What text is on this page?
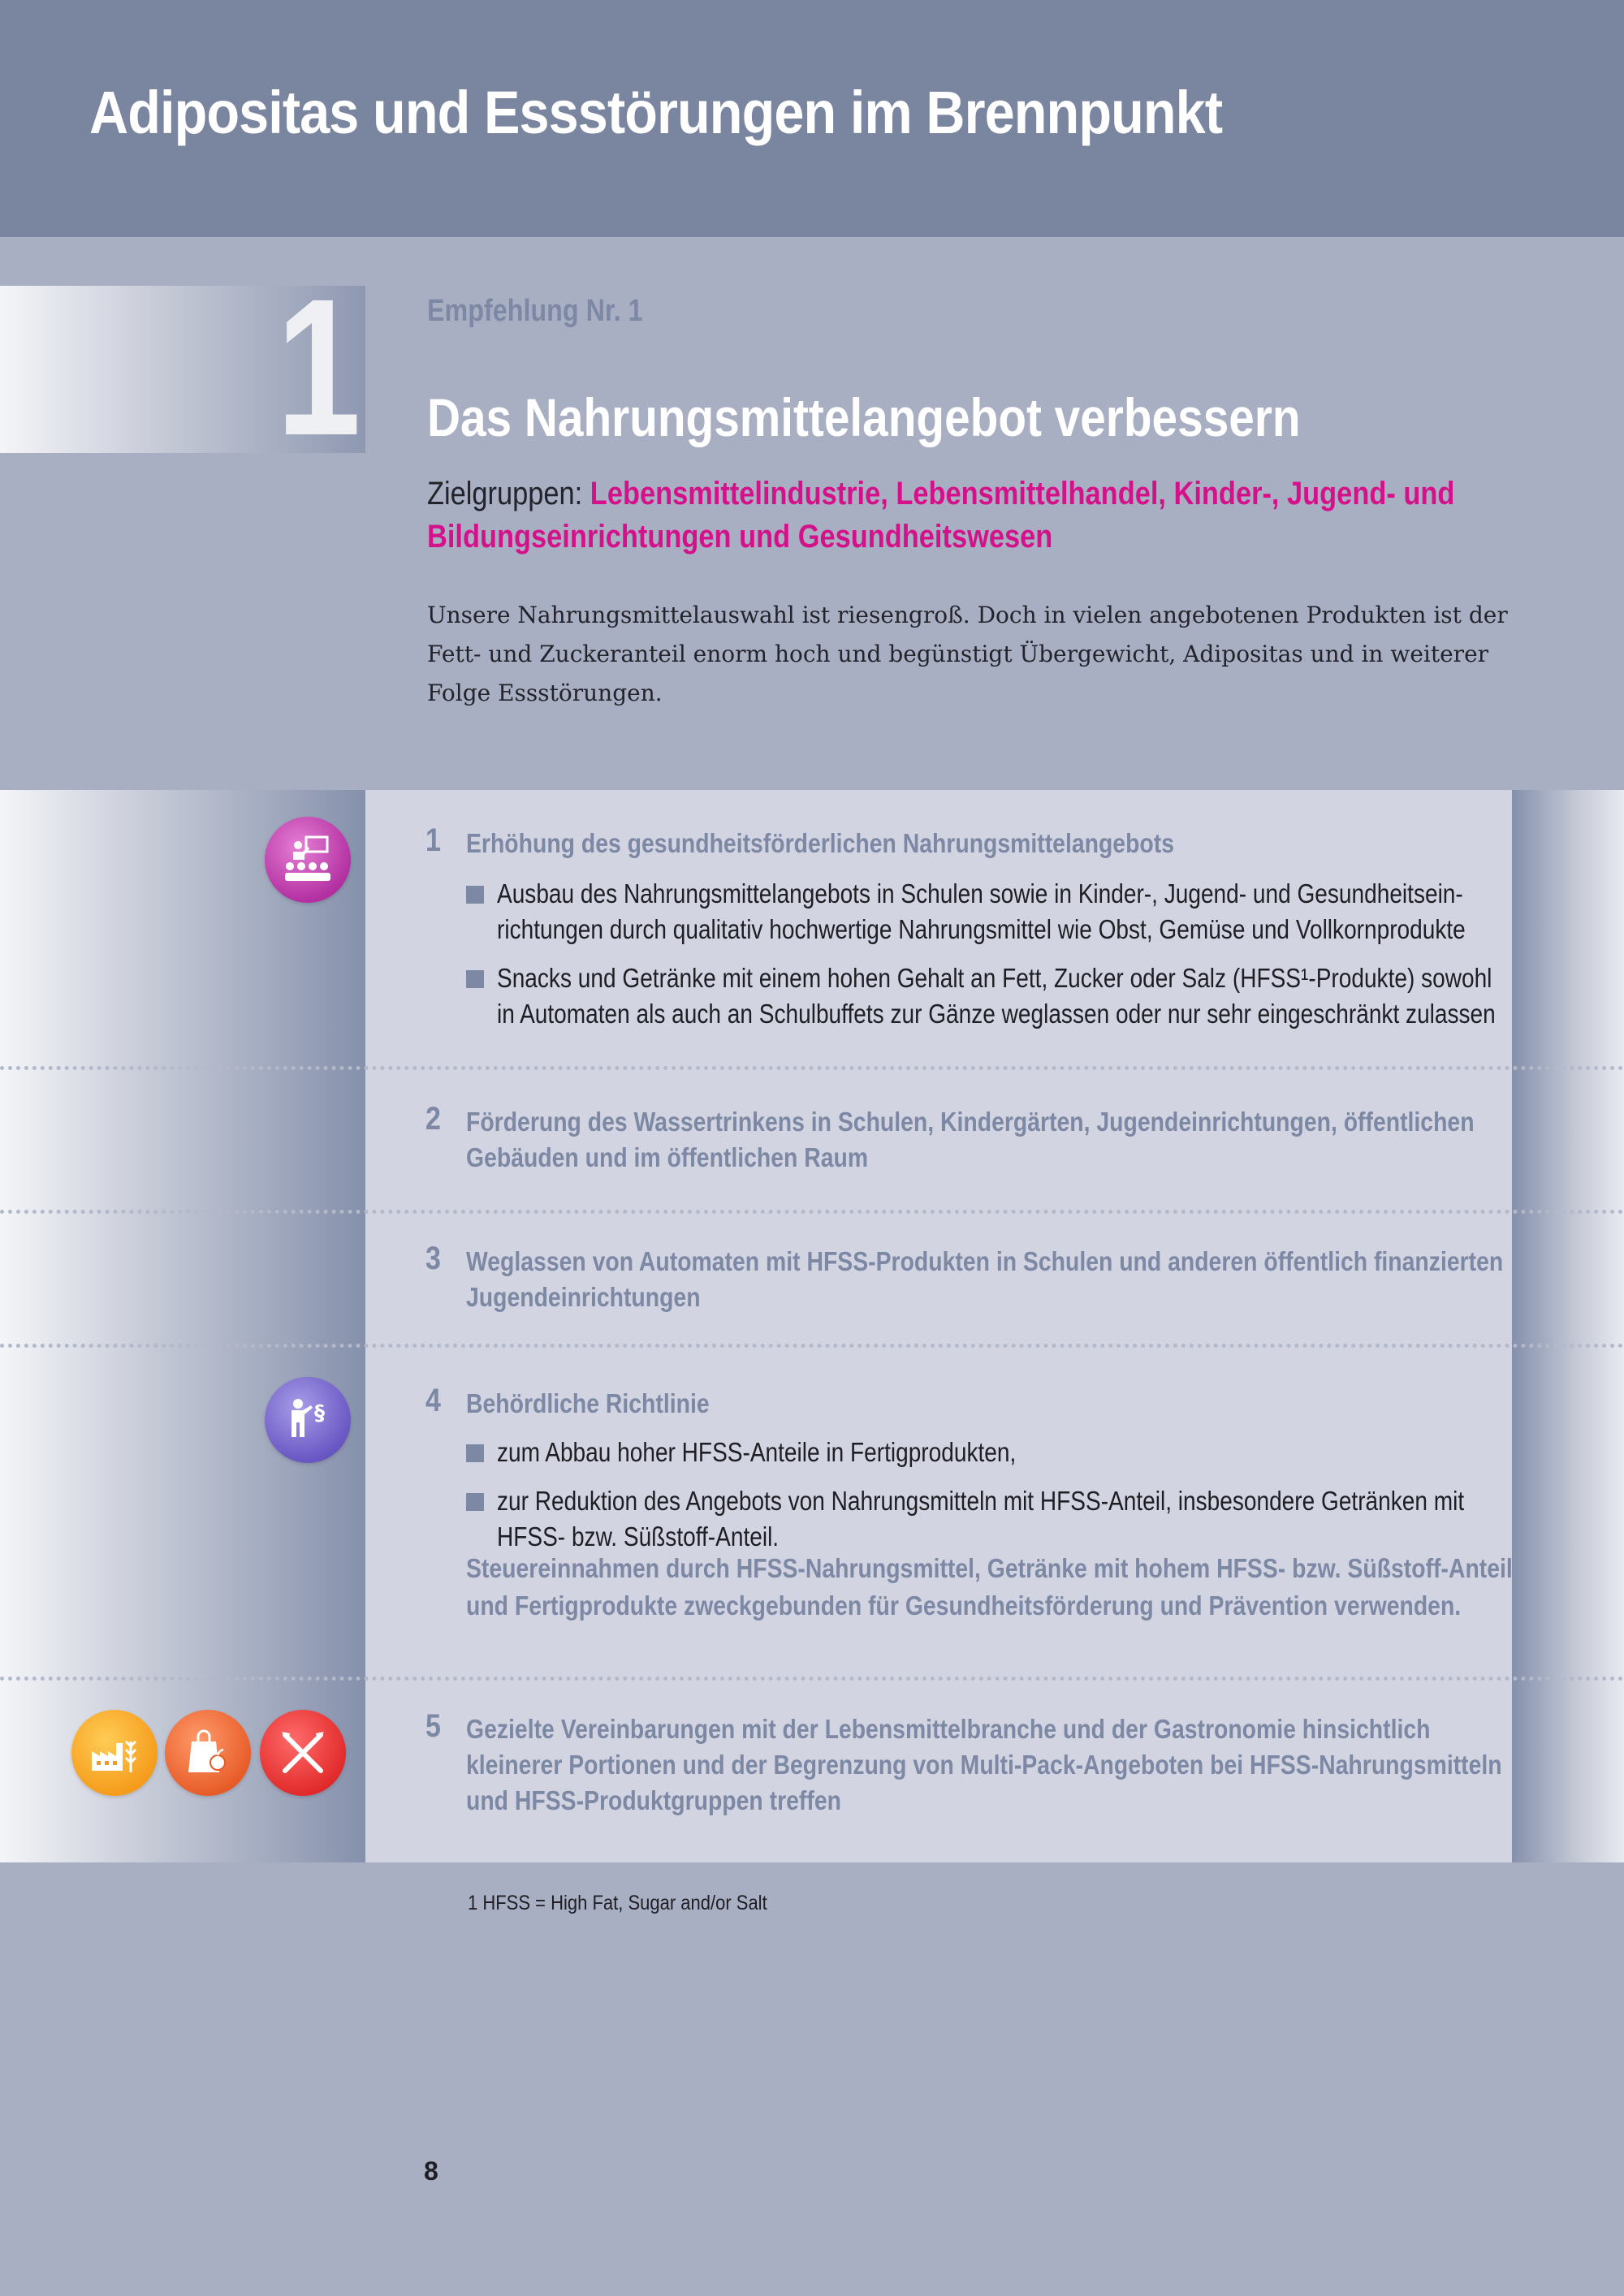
Adipositas und Essstörungen im Brennpunkt
1 Empfehlung Nr. 1
Das Nahrungsmittelangebot verbessern
Zielgruppen: Lebensmittelindustrie, Lebensmittelhandel, Kinder-, Jugend- und Bildungseinrichtungen und Gesundheitswesen
Unsere Nahrungsmittelauswahl ist riesengroß. Doch in vielen angebotenen Produkten ist der Fett- und Zuckeranteil enorm hoch und begünstigt Übergewicht, Adipositas und in weiterer Folge Essstörungen.
§
1 Erhöhung des gesundheitsförderlichen Nahrungsmittelangebots
Ausbau des Nahrungsmittelangebots in Schulen sowie in Kinder-, Jugend- und Gesundheitsein-richtungen durch qualitativ hochwertige Nahrungsmittel wie Obst, Gemüse und Vollkornprodukte
Snacks und Getränke mit einem hohen Gehalt an Fett, Zucker oder Salz (HFSS¹-Produkte) sowohl in Automaten als auch an Schulbuffets zur Gänze weglassen oder nur sehr eingeschränkt zulassen
2 Förderung des Wassertrinkens in Schulen, Kindergärten, Jugendeinrichtungen, öffentlichen Gebäuden und im öffentlichen Raum
3 Weglassen von Automaten mit HFSS-Produkten in Schulen und anderen öffentlich finanzierten Jugendeinrichtungen
4 Behördliche Richtlinie
zum Abbau hoher HFSS-Anteile in Fertigprodukten,
zur Reduktion des Angebots von Nahrungsmitteln mit HFSS-Anteil, insbesondere Getränken mit HFSS- bzw. Süßstoff-Anteil.
Steuereinnahmen durch HFSS-Nahrungsmittel, Getränke mit hohem HFSS- bzw. Süßstoff-Anteil und Fertigprodukte zweckgebunden für Gesundheitsförderung und Prävention verwenden.
5 Gezielte Vereinbarungen mit der Lebensmittelbranche und der Gastronomie hinsichtlich kleinerer Portionen und der Begrenzung von Multi-Pack-Angeboten bei HFSS-Nahrungsmitteln und HFSS-Produktgruppen treffen
1 HFSS = High Fat, Sugar and/or Salt
8
